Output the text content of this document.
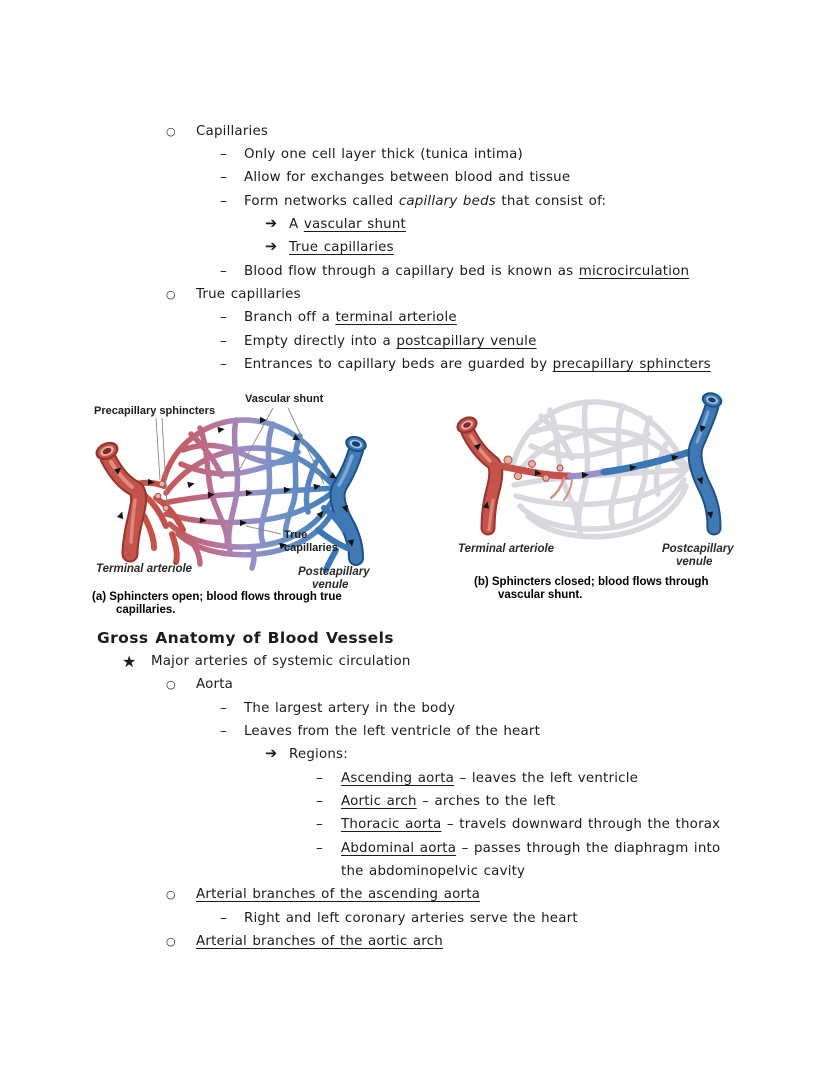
○ Capillaries
– Only one cell layer thick (tunica intima)
– Allow for exchanges between blood and tissue
– Form networks called capillary beds that consist of:
➔ A vascular shunt
➔ True capillaries
– Blood flow through a capillary bed is known as microcirculation
○ True capillaries
– Branch off a terminal arteriole
– Empty directly into a postcapillary venule
– Entrances to capillary beds are guarded by precapillary sphincters
Precapillary sphincters
Vascular shunt
True
capillaries
Terminal arteriole	Postcapillary
venule
(a) Sphincters open; blood flows through true
capillaries.
Terminal arteriole	Postcapillary
venule
(b) Sphincters closed; blood flows through
vascular shunt.
Gross Anatomy of Blood Vessels
★ Major arteries of systemic circulation
○ Aorta
– The largest artery in the body
– Leaves from the left ventricle of the heart
➔ Regions:
– Ascending aorta – leaves the left ventricle
– Aortic arch – arches to the left
– Thoracic aorta – travels downward through the thorax
– Abdominal aorta – passes through the diaphragm into
the abdominopelvic cavity
○ Arterial branches of the ascending aorta
– Right and left coronary arteries serve the heart
○ Arterial branches of the aortic arch
